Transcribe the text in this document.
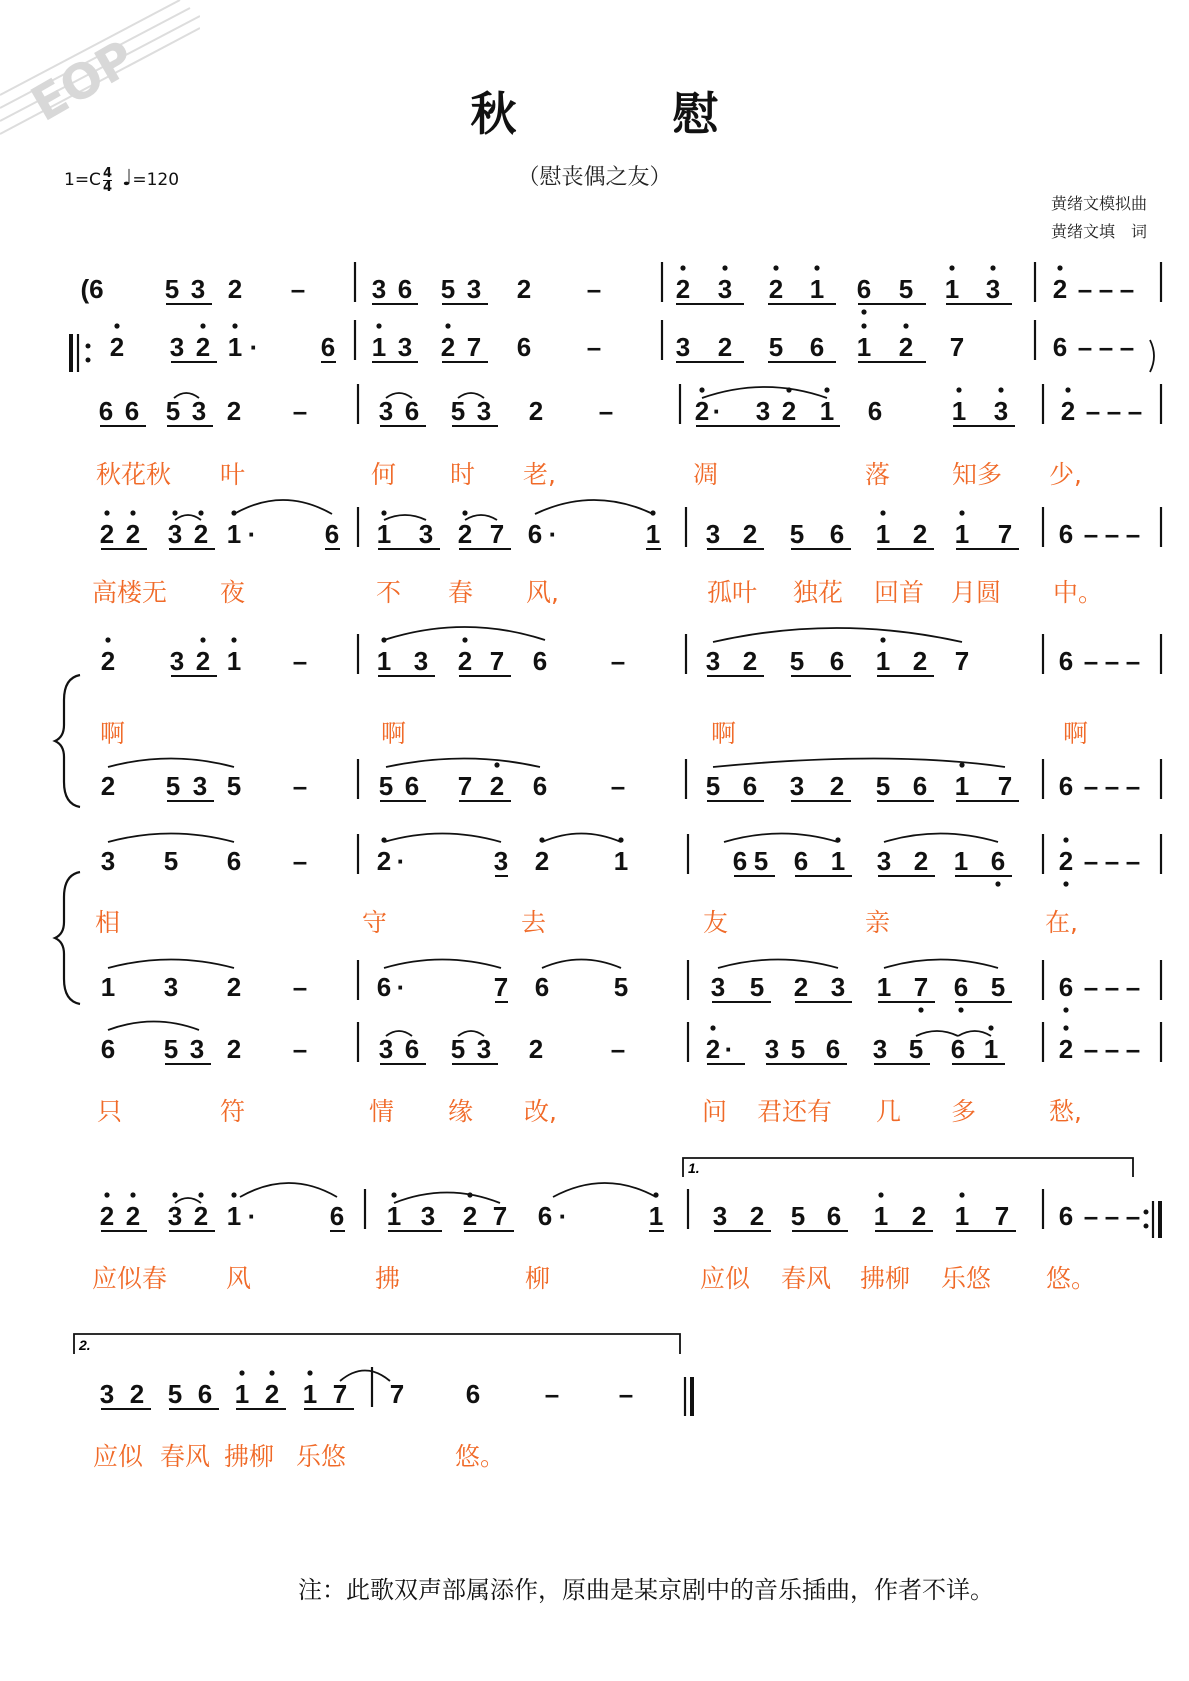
EOP	秋 慰
（慰丧偶之友）
$1=C \frac{4}{4}$ ♩=120
黄绪文模拟曲
黄绪文填　词
(6 5 3 2 –	3 6 5 3 2 –	2 3 2 1 6 5 1 3 2 – – –
2 3 2 1 · 6 1 3 2 7 6 –	3 2 5 6 1 2 7	6 – – –
6 6 5 3 2 –	3 6 5 3 2 –	2 · 3 2 1 6	1 3 2 – – –
2 2 3 2 1 ·	6 1 3 2 7 6 ·	1 3 2 5 6 1 2 1 7 6 – – –
2 3 2 1 –	1 3 2 7 6 –	3 2 5 6 1 2 7	6 – – –
2 5 3 5 –	5 6 7 2 6 –	5 6 3 2 5 6 1 7 6 – – –
3 5 6 –	2 ·	3 2 1	6 5 6 1 3 2 1 6 2 – – –
1 3 2 –	6 ·	7 6 5	3 5 2 3 1 7 6 5 6 – – –
6 5 3 2 –	3 6 5 3 2	–	2 · 3 5 6 3 5 6 1 2 – – –
2 2 3 2 1 ·	6 1 3 2 7 6 ·	1 3 2 5 6 1 2 1 7 6 – – –
3 2 5 6 1 2 1 7 7 6 – –
秋花秋 叶	何 时 老,	凋	落 知多 少,
高楼无 夜	不 春 风,	孤叶 独花 回首 月圆 中。
啊	啊	啊	啊
相	守	去	友	亲	在,
只	符	情 缘 改,	问 君还有 几 多	愁,
应似春 风	拂	柳	应似 春风 拂柳 乐悠 悠。
应似 春风 拂柳 乐悠	悠。
1.
2.
注：此歌双声部属添作，原曲是某京剧中的音乐插曲，作者不详。
